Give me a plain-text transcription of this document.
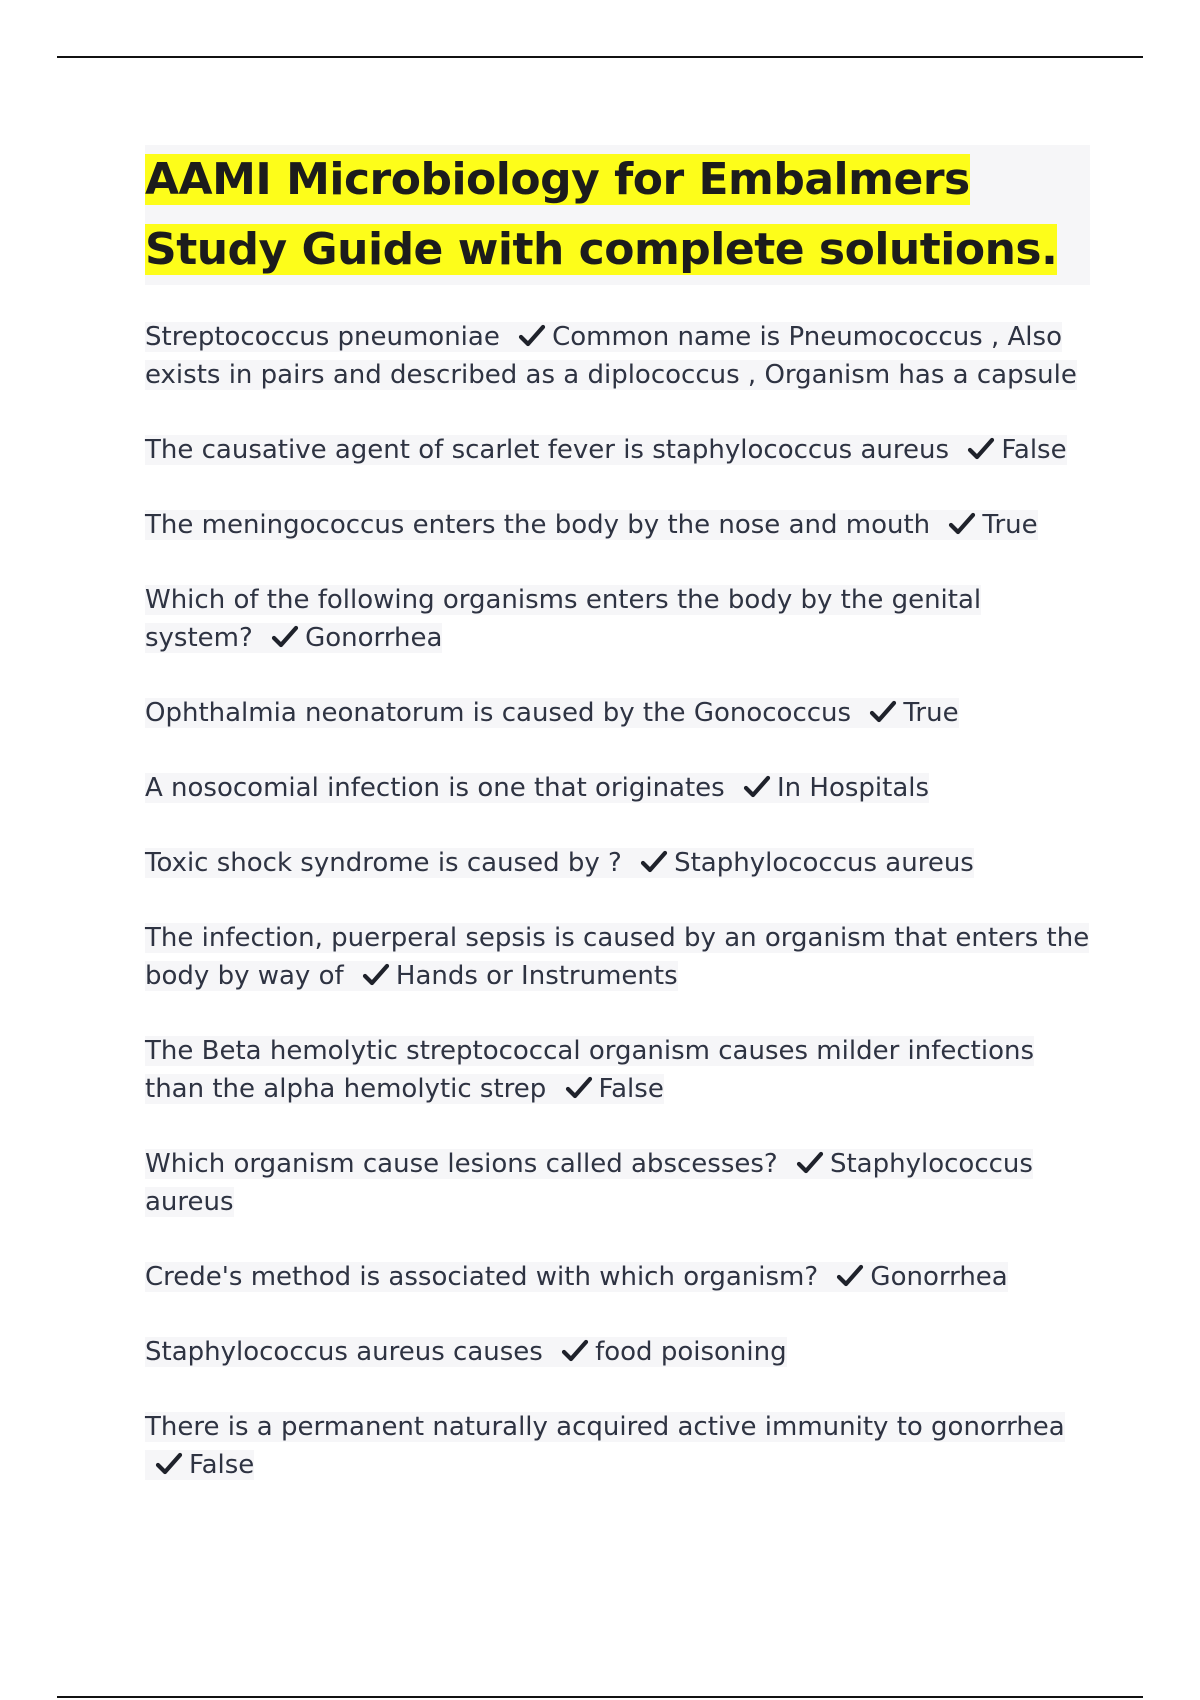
AAMI Microbiology for Embalmers
Study Guide with complete solutions.
Streptococcus pneumoniae Common name is Pneumococcus , Also exists in pairs and described as a diplococcus , Organism has a capsule
The causative agent of scarlet fever is staphylococcus aureus False
The meningococcus enters the body by the nose and mouth True
Which of the following organisms enters the body by the genital system? Gonorrhea
Ophthalmia neonatorum is caused by the Gonococcus True
A nosocomial infection is one that originates In Hospitals
Toxic shock syndrome is caused by ? Staphylococcus aureus
The infection, puerperal sepsis is caused by an organism that enters the body by way of Hands or Instruments
The Beta hemolytic streptococcal organism causes milder infections than the alpha hemolytic strep False
Which organism cause lesions called abscesses? Staphylococcus aureus
Crede's method is associated with which organism? Gonorrhea
Staphylococcus aureus causes food poisoning
There is a permanent naturally acquired active immunity to gonorrhea
False
